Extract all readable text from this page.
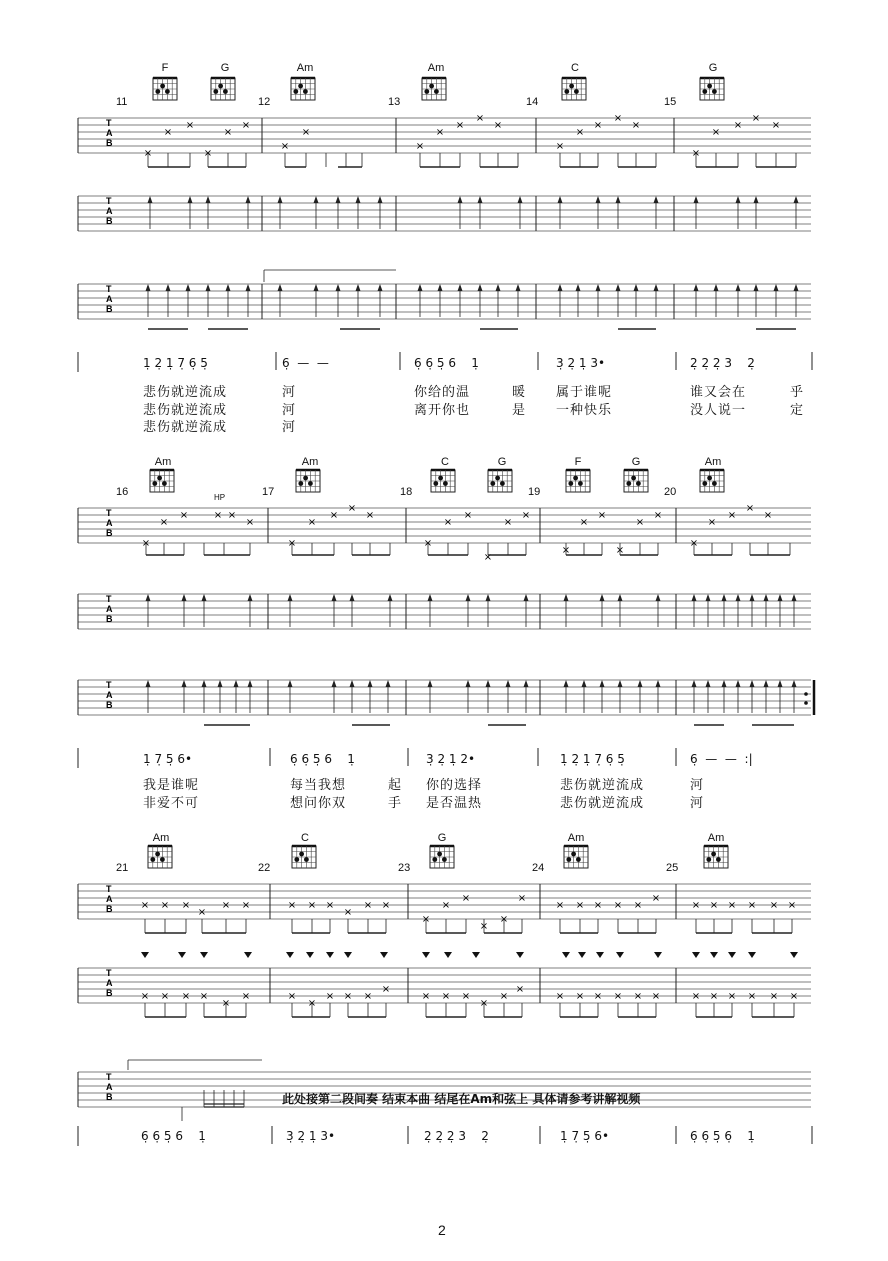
T
A
B
×
×
×
×
×
×
×
×
×
×
×
×
×
×
×
×
×
×
×
×
×
×
×
T
A
B
T
A
B
T
A
B
×
×
×	× ×
×
×
×
×
×
×
×
×
×
×
×
×
×
×
×
×
×
×
×
×
×
×
×
T
A
B
T
A
B
T
A
B	× × ×
×
× ×	× × ×
×
× ×
×
×
×
×
×
×
× × × × ×
×
× × × × × ×
T
A
B	× × × ×
×
×	×
×
× × ×
×
× × ×
×
×
×
× × × × × ×	× × × × × ×
T
A
B
11	12	13	14	15
F	G	Am	Am	C	G
1̣ 2̣ 1̣ 7̣ 6̣ 5̣	6̣  —  —	6̣ 6̣ 5̣ 6    1̣	3̣ 2̣ 1̣ 3•	2̣ 2̣ 2̣ 3    2̣
悲伤就逆流成	河	你给的温	暖 属于谁呢	谁又会在	乎
悲伤就逆流成	河	离开你也	是 一种快乐	没人说一	定
悲伤就逆流成	河
16	17	18	19	20
Am	Am	C	G	F	G	Am
HP
1̣ 7̣ 5̣ 6•	6̣ 6̣ 5̣ 6    1̣	3̣ 2̣ 1̣ 2•	1̣ 2̣ 1̣ 7̣ 6̣ 5̣	6̣  —  —  :|
我是谁呢	每当我想	起 你的选择	悲伤就逆流成	河
非爱不可	想问你双	手 是否温热	悲伤就逆流成	河
21	22	23	24	25
Am	C	G	Am	Am
此处接第二段间奏 结束本曲 结尾在Am和弦上 具体请参考讲解视频
6̣ 6̣ 5̣ 6    1̣	3̣ 2̣ 1̣ 3•	2̣ 2̣ 2̣ 3    2̣	1̣ 7̣ 5̣ 6•	6̣ 6̣ 5̣ 6̣    1̣
2
